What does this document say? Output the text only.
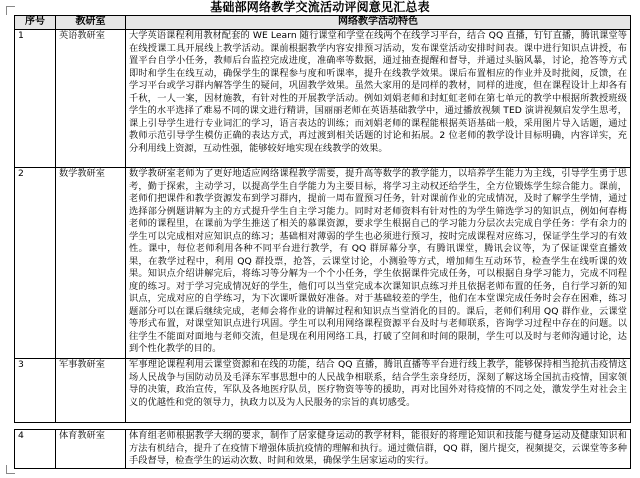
基础部网络教学交流活动评阅意见汇总表
序号	教研室	网络教学活动特色
1	英语教研室	大学英语课程利用教材配套的 WE Learn 随行课堂和学堂在线两个在线学习平台，结合 QQ 直播，钉钉直播，腾讯课堂等在线授课工具开展线上教学活动。课前根据教学内容安排预习活动，发布课堂活动安排时间表。课中进行知识点讲授，布置平台自学小任务，教师后台监控完成进度，准确率等数据，通过抽查提醒和督导，并通过头脑风暴，讨论，抢答等方式即时和学生在线互动，确保学生的课程参与度和听课率，提升在线教学效果。课后布置相应的作业并及时批阅，反馈，在学习平台或学习群内解答学生的疑问，巩固教学效果。虽然大家用的是同样的教材，同样的进度，但在课程设计上却各有千秋，一人一案，因材施教，有针对性的开展教学活动。例如刘娟老师和封虹虹老师在第七单元的教学中根据所教授班级学生的水平选择了难易不同的课文进行精讲，国丽丽老师在英语基础教学中，通过播放视频 TED 演讲视频启发学生思考，课上引导学生进行专业词汇的学习，语言表达的训练；而刘娟老师的课程能根据英语基础一般，采用图片导入话题，通过教师示范引导学生模仿正确的表达方式，再过渡到相关话题的讨论和拓展。2 位老师的教学设计目标明确，内容详实，充分利用线上资源，互动性强，能够较好地实现在线教学的效果。
2	数学教研室	数学教研室老师为了更好地适应网络课程教学需要，提升高等数学的教学能力，以培养学生能力为主线，引导学生勇于思考，勤于探索，主动学习，以提高学生自学能力为主要目标，将学习主动权还给学生，全方位锻炼学生综合能力。课前，老师们把课件和教学资源发布到学习群内，提前一周布置预习任务，针对课前作业的完成情况，及时了解学生学情，通过选择部分例题讲解为主的方式提升学生自主学习能力。同时对老师资料有针对性的为学生筛选学习的知识点，例如何春梅老师的课程里，在课前为学生推送了相关的慕课资源，要求学生根据自己的学习能力分层次去完成自学任务：学有余力的学生可以完成相对应知识点的练习；基础相对薄弱的学生也必须进行预习，按时完成课程对应练习，保证学生学习的有效性。课中，每位老师利用各种不同平台进行教学，有 QQ 群屏幕分享，有腾讯课堂，腾讯会议等，为了保证课堂直播效果，在教学过程中，利用 QQ 群投票，抢答，云课堂讨论，小测验等方式，增加师生互动环节，检查学生在线听课的效果。知识点介绍讲解完后，将练习等分解为一个个小任务，学生依据课件完成任务，可以根据自身学习能力，完成不同程度的练习。对于学习完成情况好的学生，他们可以当堂完成本次课知识点练习并且依据老师布置的任务，自行学习新的知识点，完成对应的自学练习，为下次课听课做好准备。对于基础较差的学生，他们在本堂课完成任务时会存在困难，练习题部分可以在课后继续完成，老师会将作业的讲解过程和知识点当堂消化的目的。课后，老师们利用 QQ 群作业，云课堂等形式布置，对课堂知识点进行巩固。学生可以利用网络课程资源平台及时与老师联系，咨询学习过程中存在的问题。以往学生不能面对面地与老师交流，但是现在利用网络工具，打破了空间和时间的限制，学生可以及时与老师沟通讨论，达到个性化教学的目的。
3	军事教研室	军事理论课程利用云课堂资源和在线的功能，结合 QQ 直播，腾讯直播等平台进行线上教学，能够保持相当抢抗击疫情这场人民战争与国防动员及毛泽东军事思想中的人民战争相联系，结合学生亲身经历，深刻了解这场全国抗击疫情，国家领导的决策，政治宣传，军队及各地医疗队员，医疗物资等等的援助，再对比国外对待疫情的不同之处，激发学生对社会主义的优越性和党的领导力，执政力以及为人民服务的宗旨的真切感受。

4	体育教研室	体育组老师根据教学大纲的要求，制作了居家健身运动的教学材料，能很好的将理论知识和技能与健身运动及健康知识和方法有机结合，提升了在疫情下增强体质抗疫情的理解和执行。通过微信群，QQ 群，图片提交，视频提交，云课堂等多种手段督导，检查学生的运动次数、时间和效果，确保学生居家运动的实行。
